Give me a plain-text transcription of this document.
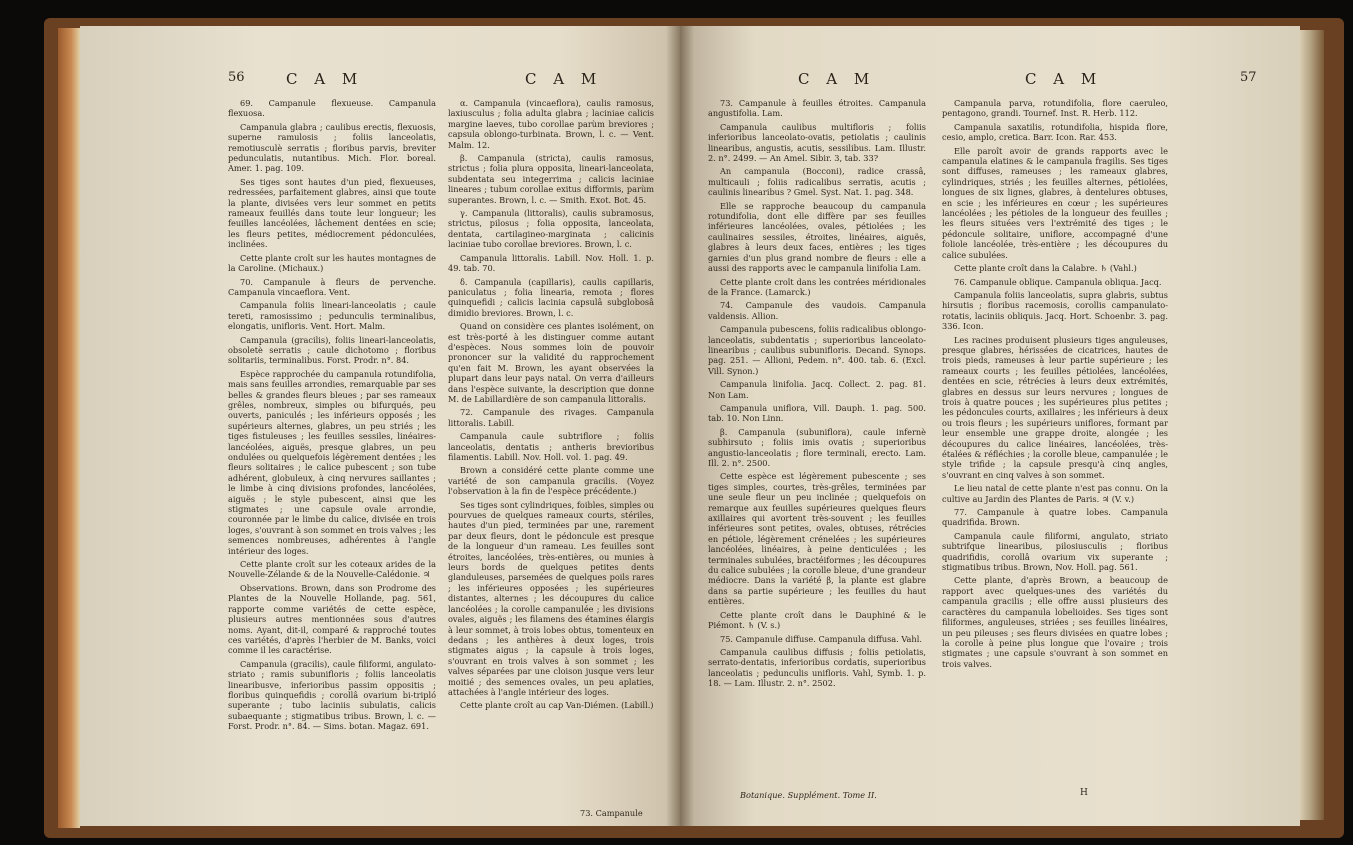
56	C A M	C A M

69. Campanule flexueuse. Campanula flexuosa.

Campanula glabra ; caulibus erectis, flexuosis, superne ramulosis ; foliis lanceolatis, remotiusculè serratis ; floribus parvis, breviter pedunculatis, nutantibus. Mich. Flor. boreal. Amer. 1. pag. 109.

Ses tiges sont hautes d'un pied, flexueuses, redressées, parfaitement glabres, ainsi que toute la plante, divisées vers leur sommet en petits rameaux feuillés dans toute leur longueur; les feuilles lancéolées, lâchement dentées en scie; les fleurs petites, médiocrement pédonculées, inclinées.

Cette plante croît sur les hautes montagnes de la Caroline. (Michaux.)

70. Campanule à fleurs de pervenche. Campanula vincaeflora. Vent.

Campanula foliis lineari-lanceolatis ; caule tereti, ramosissimo ; pedunculis terminalibus, elongatis, unifloris. Vent. Hort. Malm.

Campanula (gracilis), foliis lineari-lanceolatis, obsoletè serratis ; caule dichotomo ; floribus solitariis, terminalibus. Forst. Prodr. n°. 84.

Espèce rapprochée du campanula rotundifolia, mais sans feuilles arrondies, remarquable par ses belles & grandes fleurs bleues ; par ses rameaux grêles, nombreux, simples ou bifurqués, peu ouverts, paniculés ; les inférieurs opposés ; les supérieurs alternes, glabres, un peu striés ; les tiges fistuleuses ; les feuilles sessiles, linéaires-lancéolées, aiguës, presque glabres, un peu ondulées ou quelquefois légèrement dentées ; les fleurs solitaires ; le calice pubescent ; son tube adhérent, globuleux, à cinq nervures saillantes ; le limbe à cinq divisions profondes, lancéolées, aiguës ; le style pubescent, ainsi que les stigmates ; une capsule ovale arrondie, couronnée par le limbe du calice, divisée en trois loges, s'ouvrant à son sommet en trois valves ; les semences nombreuses, adhérentes à l'angle intérieur des loges.

Cette plante croît sur les coteaux arides de la Nouvelle-Zélande & de la Nouvelle-Calédonie. ♃

Observations. Brown, dans son Prodrome des Plantes de la Nouvelle Hollande, pag. 561, rapporte comme variétés de cette espèce, plusieurs autres mentionnées sous d'autres noms. Ayant, dit-il, comparé & rapproché toutes ces variétés, d'après l'herbier de M. Banks, voici comme il les caractérise.

Campanula (gracilis), caule filiformi, angulato-striato ; ramis subunifloris ; foliis lanceolatis linearibusve, inferioribus passim oppositis ; floribus quinquefidis ; corollâ ovarium bi-tripló superante ; tubo laciniis subulatis, calicis subaequante ; stigmatibus tribus. Brown, l. c. — Forst. Prodr. n°. 84. — Sims. botan. Magaz. 691.

α. Campanula (vincaeflora), caulis ramosus, laxiusculus ; folia adulta glabra ; laciniae calicis margine laeves, tubo corollae parùm breviores ; capsula oblongo-turbinata. Brown, l. c. — Vent. Malm. 12.

β. Campanula (stricta), caulis ramosus, strictus ; folia plura opposita, lineari-lanceolata, subdentata seu integerrima ; calicis laciniae lineares ; tubum corollae exitus difformis, parùm superantes. Brown, l. c. — Smith. Exot. Bot. 45.

γ. Campanula (littoralis), caulis subramosus, strictus, pilosus ; folia opposita, lanceolata, dentata, cartilagineo-marginata ; calicinis laciniae tubo corollae breviores. Brown, l. c.

Campanula littoralis. Labill. Nov. Holl. 1. p. 49. tab. 70.

δ. Campanula (capillaris), caulis capillaris, paniculatus ; folia linearia, remota ; flores quinquefidi ; calicis lacinia capsulâ subglobosâ dimidio breviores. Brown, l. c.

Quand on considère ces plantes isolément, on est très-porté à les distinguer comme autant d'espèces. Nous sommes loin de pouvoir prononcer sur la validité du rapprochement qu'en fait M. Brown, les ayant observées la plupart dans leur pays natal. On verra d'ailleurs dans l'espèce suivante, la description que donne M. de Labillardière de son campanula littoralis.

72. Campanule des rivages. Campanula littoralis. Labill.

Campanula caule subtriflore ; foliis lanceolatis, dentatis ; antheris brevioribus filamentis. Labill. Nov. Holl. vol. 1. pag. 49.

Brown a considéré cette plante comme une variété de son campanula gracilis. (Voyez l'observation à la fin de l'espèce précédente.)

Ses tiges sont cylindriques, foibles, simples ou pourvues de quelques rameaux courts, stériles, hautes d'un pied, terminées par une, rarement par deux fleurs, dont le pédoncule est presque de la longueur d'un rameau. Les feuilles sont étroites, lancéolées, très-entières, ou munies à leurs bords de quelques petites dents glanduleuses, parsemées de quelques poils rares ; les inférieures opposées ; les supérieures distantes, alternes ; les découpures du calice lancéolées ; la corolle campanulée ; les divisions ovales, aiguës ; les filamens des étamines élargis à leur sommet, à trois lobes obtus, tomenteux en dedans ; les anthères à deux loges, trois stigmates aigus ; la capsule à trois loges, s'ouvrant en trois valves à son sommet ; les valves séparées par une cloison jusque vers leur moitié ; des semences ovales, un peu aplaties, attachées à l'angle intérieur des loges.

Cette plante croît au cap Van-Diémen. (Labill.)

73. Campanule
C A M	C A M	57

73. Campanule à feuilles étroites. Campanula angustifolia. Lam.

Campanula caulibus multifloris ; foliis inferioribus lanceolato-ovatis, petiolatis ; caulinis linearibus, angustis, acutis, sessilibus. Lam. Illustr. 2. n°. 2499. — An Amel. Sibir. 3, tab. 33?

An campanula (Bocconi), radice crassâ, multicauli ; foliis radicalibus serratis, acutis ; caulinis linearibus ? Gmel. Syst. Nat. 1. pag. 348.

Elle se rapproche beaucoup du campanula rotundifolia, dont elle diffère par ses feuilles inférieures lancéolées, ovales, pétiolées ; les caulinaires sessiles, étroites, linéaires, aiguës, glabres à leurs deux faces, entières ; les tiges garnies d'un plus grand nombre de fleurs : elle a aussi des rapports avec le campanula linifolia Lam.

Cette plante croît dans les contrées méridionales de la France. (Lamarck.)

74. Campanule des vaudois. Campanula valdensis. Allion.

Campanula pubescens, foliis radicalibus oblongo-lanceolatis, subdentatis ; superioribus lanceolato-linearibus ; caulibus subunifloris. Decand. Synops. pag. 251. — Allioni, Pedem. n°. 400. tab. 6. (Excl. Vill. Synon.)

Campanula linifolia. Jacq. Collect. 2. pag. 81. Non Lam.

Campanula uniflora, Vill. Dauph. 1. pag. 500. tab. 10. Non Linn.

β. Campanula (subuniflora), caule infernè subhirsuto ; foliis imis ovatis ; superioribus angustio-lanceolatis ; flore terminali, erecto. Lam. Ill. 2. n°. 2500.

Cette espèce est légèrement pubescente ; ses tiges simples, courtes, très-grêles, terminées par une seule fleur un peu inclinée ; quelquefois on remarque aux feuilles supérieures quelques fleurs axillaires qui avortent très-souvent ; les feuilles inférieures sont petites, ovales, obtuses, rétrécies en pétiole, légèrement crénelées ; les supérieures lancéolées, linéaires, à peine denticulées ; les terminales subulées, bractéiformes ; les découpures du calice subulées ; la corolle bleue, d'une grandeur médiocre. Dans la variété β, la plante est glabre dans sa partie supérieure ; les feuilles du haut entières.

Cette plante croît dans le Dauphiné & le Piémont. ♄ (V. s.)

75. Campanule diffuse. Campanula diffusa. Vahl.

Campanula caulibus diffusis ; foliis petiolatis, serrato-dentatis, inferioribus cordatis, superioribus lanceolatis ; pedunculis unifloris. Vahl, Symb. 1. p. 18. — Lam. Illustr. 2. n°. 2502.

Campanula parva, rotundifolia, flore caeruleo, pentagono, grandi. Tournef. Inst. R. Herb. 112.

Campanula saxatilis, rotundifolia, hispida flore, cesio, amplo, cretica. Barr. Icon. Rar. 453.

Elle paroît avoir de grands rapports avec le campanula elatines & le campanula fragilis. Ses tiges sont diffuses, rameuses ; les rameaux glabres, cylindriques, striés ; les feuilles alternes, pétiolées, longues de six lignes, glabres, à dentelures obtuses, en scie ; les inférieures en cœur ; les supérieures lancéolées ; les pétioles de la longueur des feuilles ; les fleurs situées vers l'extrémité des tiges ; le pédoncule solitaire, uniflore, accompagné d'une foliole lancéolée, très-entière ; les découpures du calice subulées.

Cette plante croît dans la Calabre. ♄ (Vahl.)

76. Campanule oblique. Campanula obliqua. Jacq.

Campanula foliis lanceolatis, supra glabris, subtus hirsutis ; floribus racemosis, corollis campanulato-rotatis, laciniis obliquis. Jacq. Hort. Schoenbr. 3. pag. 336. Icon.

Les racines produisent plusieurs tiges anguleuses, presque glabres, hérissées de cicatrices, hautes de trois pieds, rameuses à leur partie supérieure ; les rameaux courts ; les feuilles pétiolées, lancéolées, dentées en scie, rétrécies à leurs deux extrémités, glabres en dessus sur leurs nervures ; longues de trois à quatre pouces ; les supérieures plus petites ; les pédoncules courts, axillaires ; les inférieurs à deux ou trois fleurs ; les supérieurs uniflores, formant par leur ensemble une grappe droite, alongée ; les découpures du calice linéaires, lancéolées, très-étalées & réfléchies ; la corolle bleue, campanulée ; le style trifide ; la capsule presqu'à cinq angles, s'ouvrant en cinq valves à son sommet.

Le lieu natal de cette plante n'est pas connu. On la cultive au Jardin des Plantes de Paris. ♃ (V. v.)

77. Campanule à quatre lobes. Campanula quadrifida. Brown.

Campanula caule filiformi, angulato, striato subtrifque linearibus, pilosiusculis ; floribus quadrifidis, corollâ ovarium vix superante ; stigmatibus tribus. Brown, Nov. Holl. pag. 561.

Cette plante, d'après Brown, a beaucoup de rapport avec quelques-unes des variétés du campanula gracilis ; elle offre aussi plusieurs des caractères du campanula lobelioides. Ses tiges sont filiformes, anguleuses, striées ; ses feuilles linéaires, un peu pileuses ; ses fleurs divisées en quatre lobes ; la corolle à peine plus longue que l'ovaire ; trois stigmates ; une capsule s'ouvrant à son sommet en trois valves.

Botanique. Supplément. Tome II.	H
